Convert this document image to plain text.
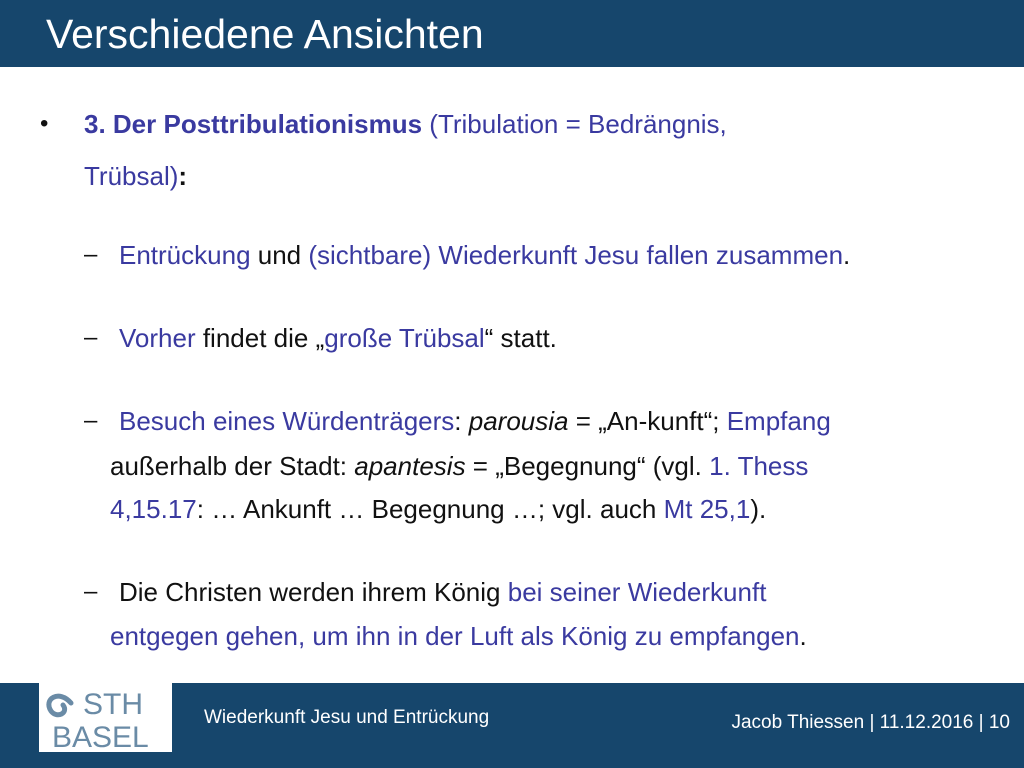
Verschiedene Ansichten
• 3. Der Posttribulationismus (Tribulation = Bedrängnis,
Trübsal):
– Entrückung und (sichtbare) Wiederkunft Jesu fallen zusammen.
– Vorher findet die „große Trübsal“ statt.
– Besuch eines Würdenträgers: parousia = „An-kunft“; Empfang
außerhalb der Stadt: apantesis = „Begegnung“ (vgl. 1. Thess
4,15.17: … Ankunft … Begegnung …; vgl. auch Mt 25,1).
– Die Christen werden ihrem König bei seiner Wiederkunft
entgegen gehen, um ihn in der Luft als König zu empfangen.
STH
BASEL
Wiederkunft Jesu und Entrückung	Jacob Thiessen | 11.12.2016 | 10
